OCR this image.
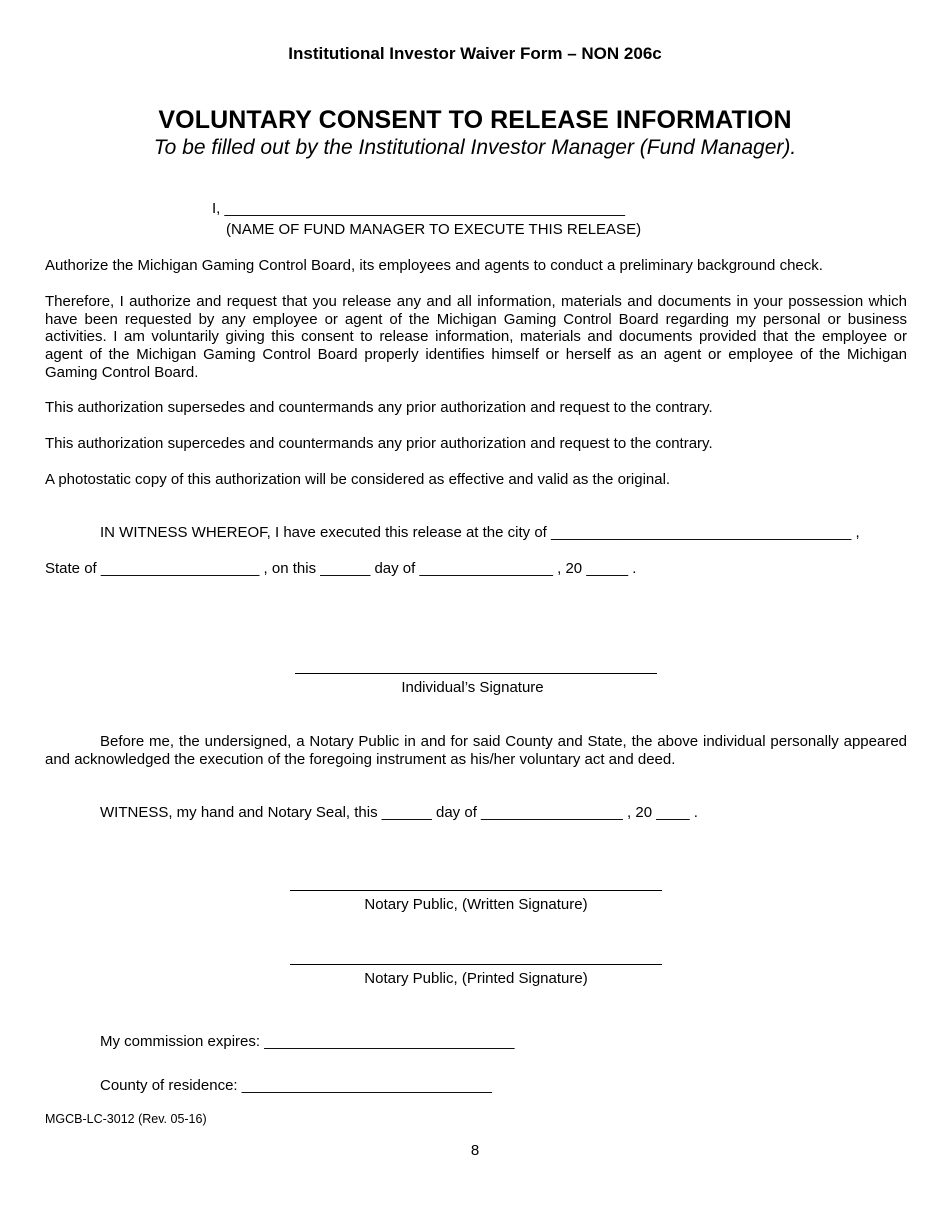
Institutional Investor Waiver Form – NON 206c
VOLUNTARY CONSENT TO RELEASE INFORMATION
To be filled out by the Institutional Investor Manager (Fund Manager).
I, ________________________________________________
(NAME OF FUND MANAGER TO EXECUTE THIS RELEASE)
Authorize the Michigan Gaming Control Board, its employees and agents to conduct a preliminary background check.
Therefore, I authorize and request that you release any and all information, materials and documents in your possession which have been requested by any employee or agent of the Michigan Gaming Control Board regarding my personal or business activities. I am voluntarily giving this consent to release information, materials and documents provided that the employee or agent of the Michigan Gaming Control Board properly identifies himself or herself as an agent or employee of the Michigan Gaming Control Board.
This authorization supersedes and countermands any prior authorization and request to the contrary.
This authorization supercedes and countermands any prior authorization and request to the contrary.
A photostatic copy of this authorization will be considered as effective and valid as the original.
IN WITNESS WHEREOF, I have executed this release at the city of ____________________________________ ,
State of ___________________ , on this ______ day of ________________ , 20 _____ .
Individual’s Signature
Before me, the undersigned, a Notary Public in and for said County and State, the above individual personally appeared and acknowledged the execution of the foregoing instrument as his/her voluntary act and deed.
WITNESS, my hand and Notary Seal, this ______ day of _________________ , 20 ____ .
Notary Public, (Written Signature)
Notary Public, (Printed Signature)
My commission expires: ______________________________
County of residence: ______________________________
MGCB-LC-3012 (Rev. 05-16)
8
